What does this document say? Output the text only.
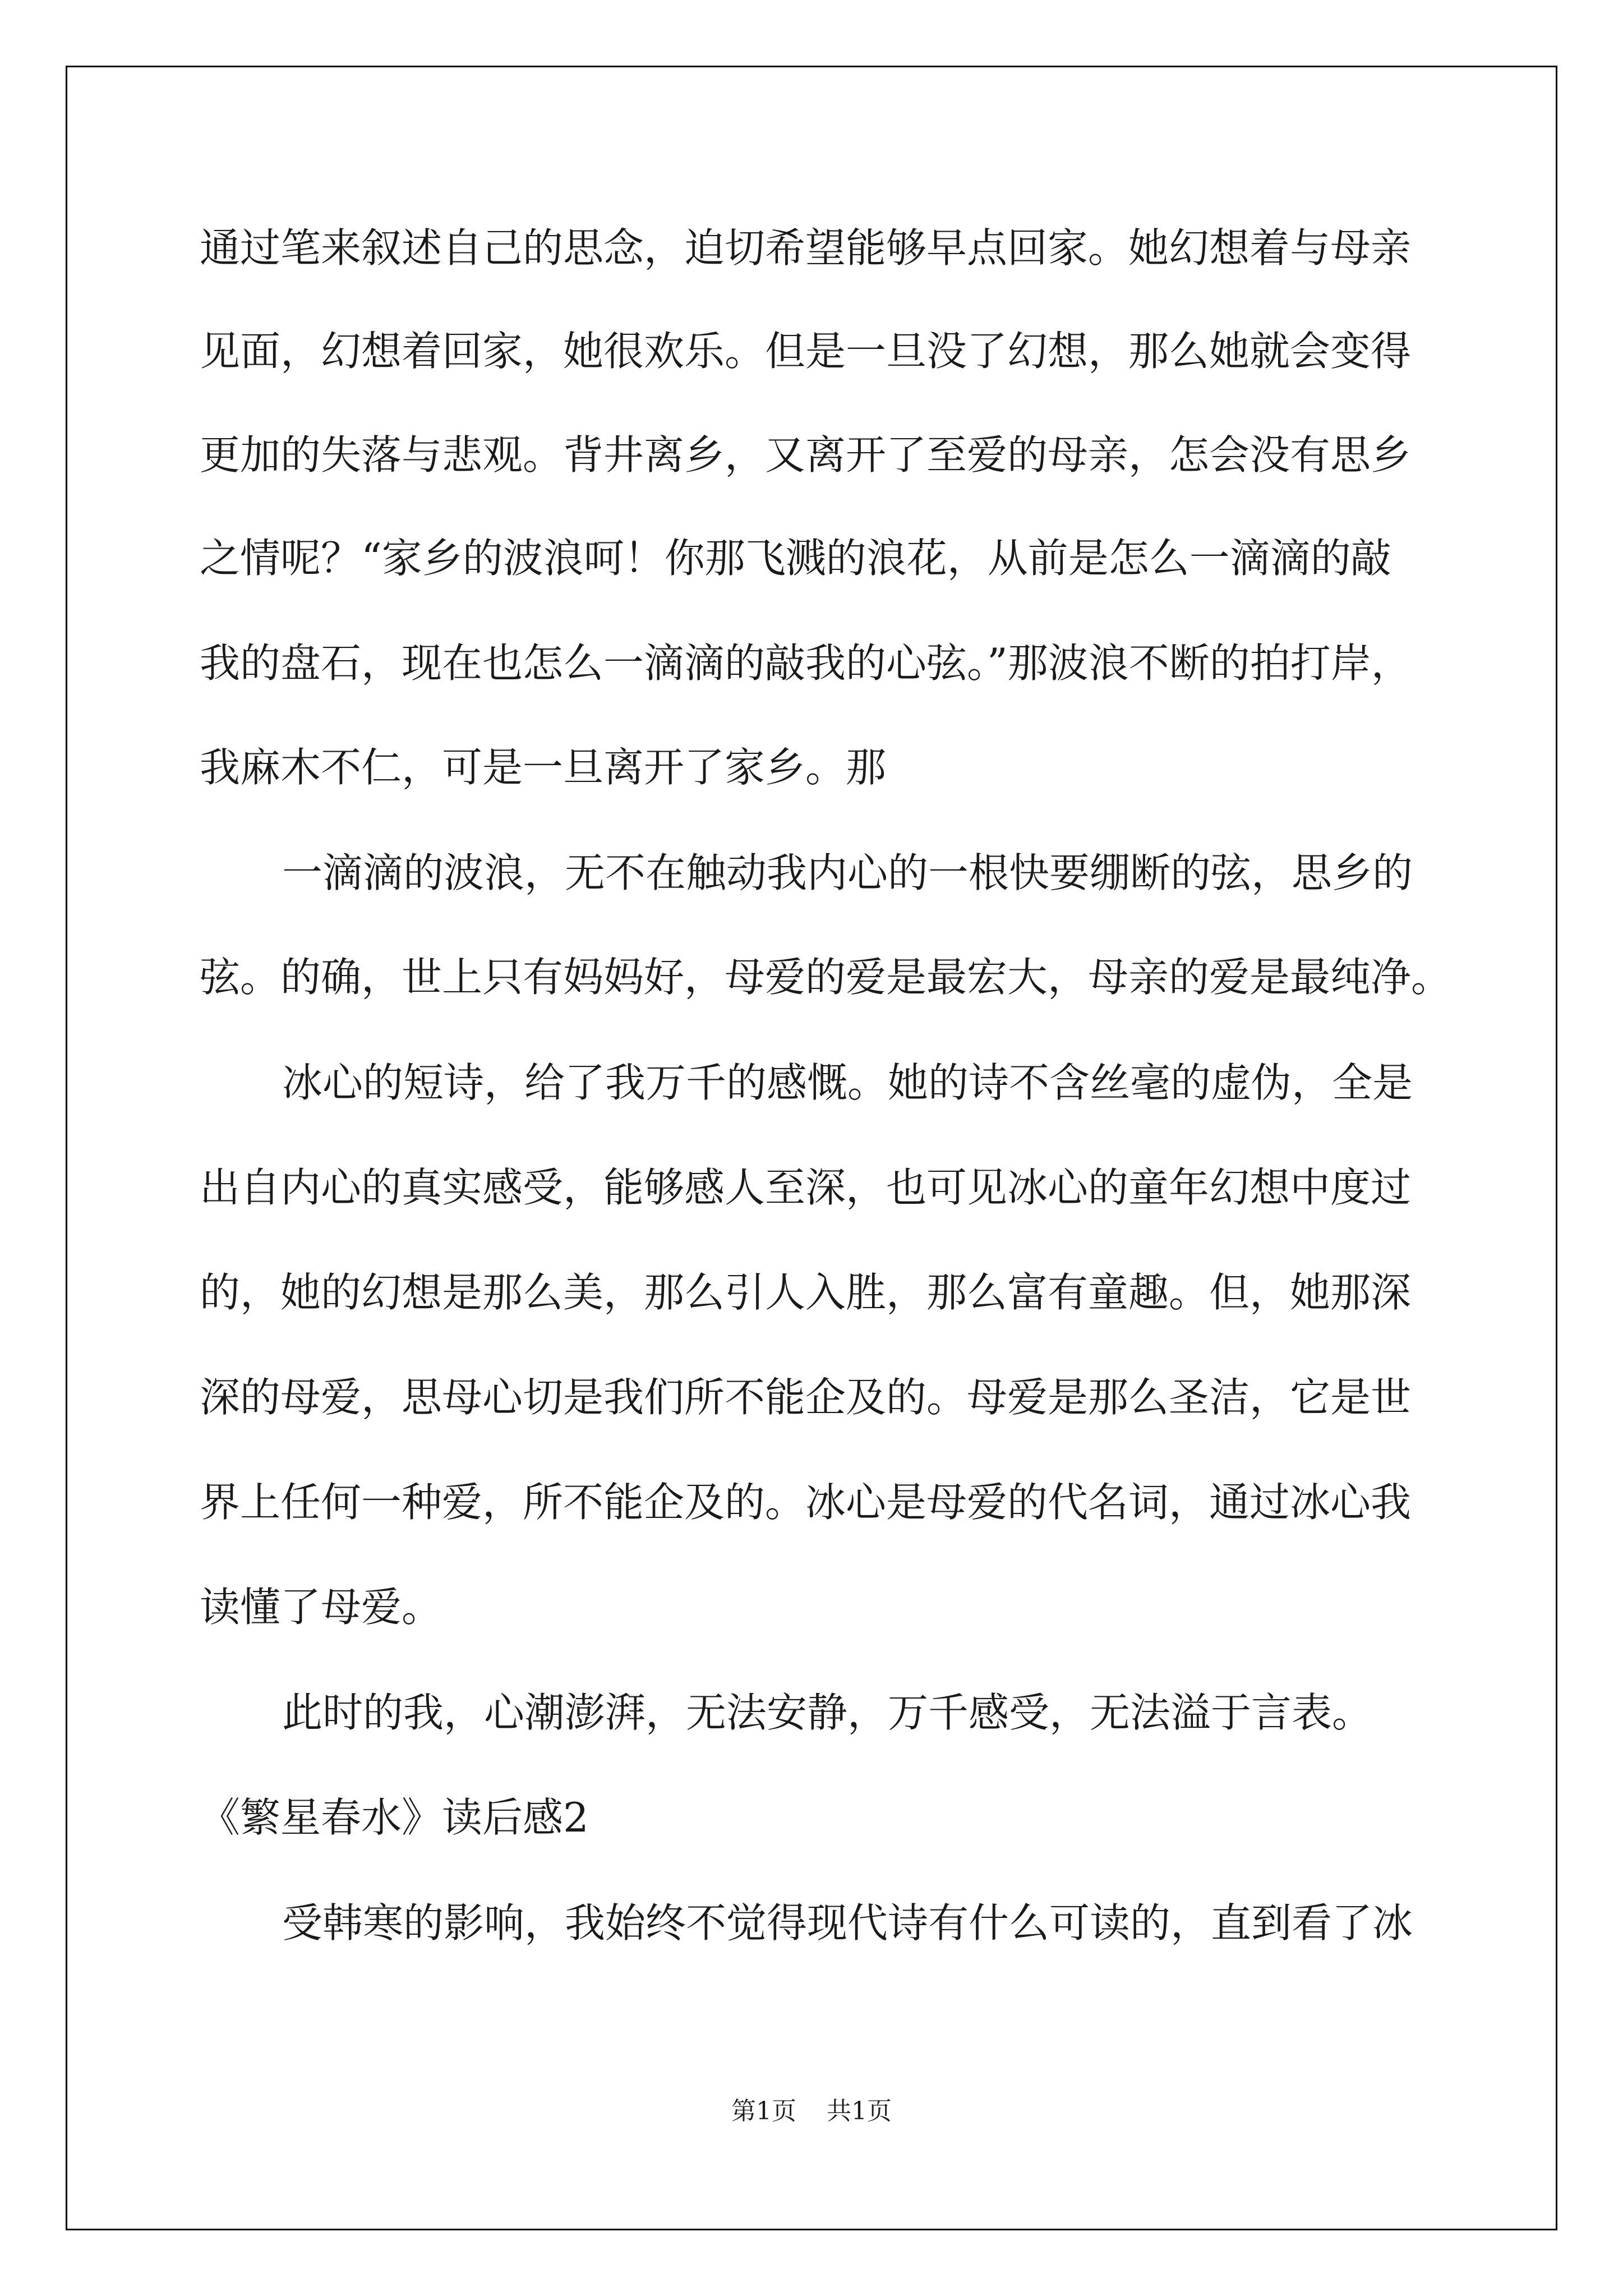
通过笔来叙述自己的思念，迫切希望能够早点回家。她幻想着与母亲
见面，幻想着回家，她很欢乐。但是一旦没了幻想，那么她就会变得
更加的失落与悲观。背井离乡，又离开了至爱的母亲，怎会没有思乡
之情呢？“家乡的波浪呵！你那飞溅的浪花，从前是怎么一滴滴的敲
我的盘石，现在也怎么一滴滴的敲我的心弦。”那波浪不断的拍打岸，
我麻木不仁，可是一旦离开了家乡。那
一滴滴的波浪，无不在触动我内心的一根快要绷断的弦，思乡的
弦。的确，世上只有妈妈好，母爱的爱是最宏大，母亲的爱是最纯净。
冰心的短诗，给了我万千的感慨。她的诗不含丝毫的虚伪，全是
出自内心的真实感受，能够感人至深，也可见冰心的童年幻想中度过
的，她的幻想是那么美，那么引人入胜，那么富有童趣。但，她那深
深的母爱，思母心切是我们所不能企及的。母爱是那么圣洁，它是世
界上任何一种爱，所不能企及的。冰心是母爱的代名词，通过冰心我
读懂了母爱。
此时的我，心潮澎湃，无法安静，万千感受，无法溢于言表。
《繁星春水》读后感2
受韩寒的影响，我始终不觉得现代诗有什么可读的，直到看了冰
第1页 共1页
